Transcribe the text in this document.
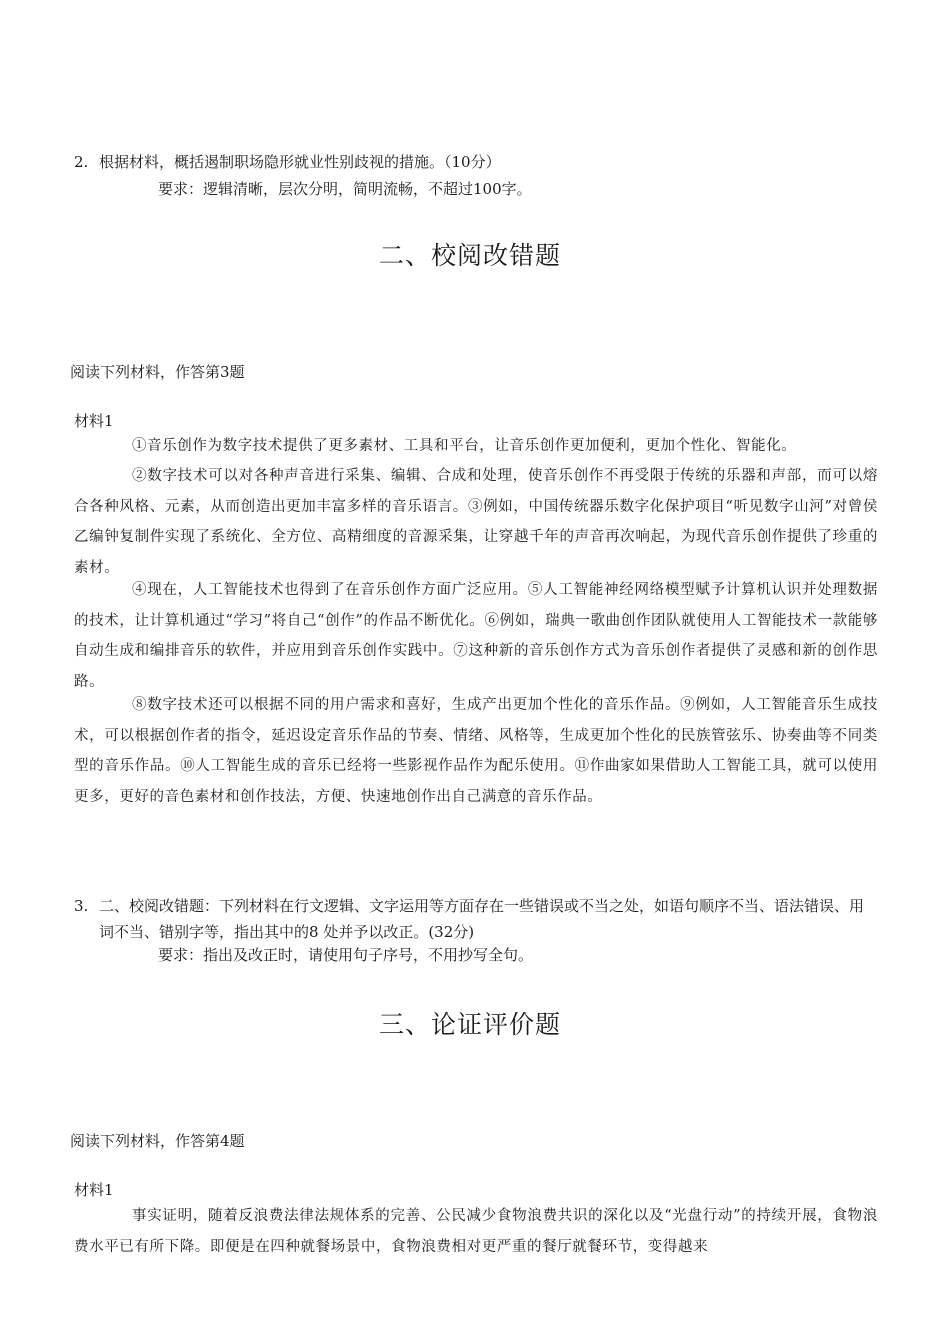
2. 根据材料，概括遏制职场隐形就业性别歧视的措施。（10分）
要求：逻辑清晰，层次分明，简明流畅，不超过100字。
二、校阅改错题
阅读下列材料，作答第3题
材料1
①音乐创作为数字技术提供了更多素材、工具和平台，让音乐创作更加便利，更加个性化、智能化。
②数字技术可以对各种声音进行采集、编辑、合成和处理，使音乐创作不再受限于传统的乐器和声部，而可以熔合各种风格、元素，从而创造出更加丰富多样的音乐语言。③例如，中国传统器乐数字化保护项目“听见数字山河”对曾侯乙编钟复制件实现了系统化、全方位、高精细度的音源采集，让穿越千年的声音再次响起，为现代音乐创作提供了珍重的素材。
④现在，人工智能技术也得到了在音乐创作方面广泛应用。⑤人工智能神经网络模型赋予计算机认识并处理数据的技术，让计算机通过“学习”将自己“创作”的作品不断优化。⑥例如，瑞典一歌曲创作团队就使用人工智能技术一款能够自动生成和编排音乐的软件，并应用到音乐创作实践中。⑦这种新的音乐创作方式为音乐创作者提供了灵感和新的创作思路。
⑧数字技术还可以根据不同的用户需求和喜好，生成产出更加个性化的音乐作品。⑨例如，人工智能音乐生成技术，可以根据创作者的指令，延迟设定音乐作品的节奏、情绪、风格等，生成更加个性化的民族管弦乐、协奏曲等不同类型的音乐作品。⑩人工智能生成的音乐已经将一些影视作品作为配乐使用。⑪作曲家如果借助人工智能工具，就可以使用更多，更好的音色素材和创作技法，方便、快速地创作出自己满意的音乐作品。
3. 二、校阅改错题：下列材料在行文逻辑、文字运用等方面存在一些错误或不当之处，如语句顺序不当、语法错误、用词不当、错别字等，指出其中的8 处并予以改正。(32分)
要求：指出及改正时，请使用句子序号，不用抄写全句。
三、论证评价题
阅读下列材料，作答第4题
材料1
事实证明，随着反浪费法律法规体系的完善、公民减少食物浪费共识的深化以及“光盘行动”的持续开展，食物浪费水平已有所下降。即便是在四种就餐场景中，食物浪费相对更严重的餐厅就餐环节，变得越来
